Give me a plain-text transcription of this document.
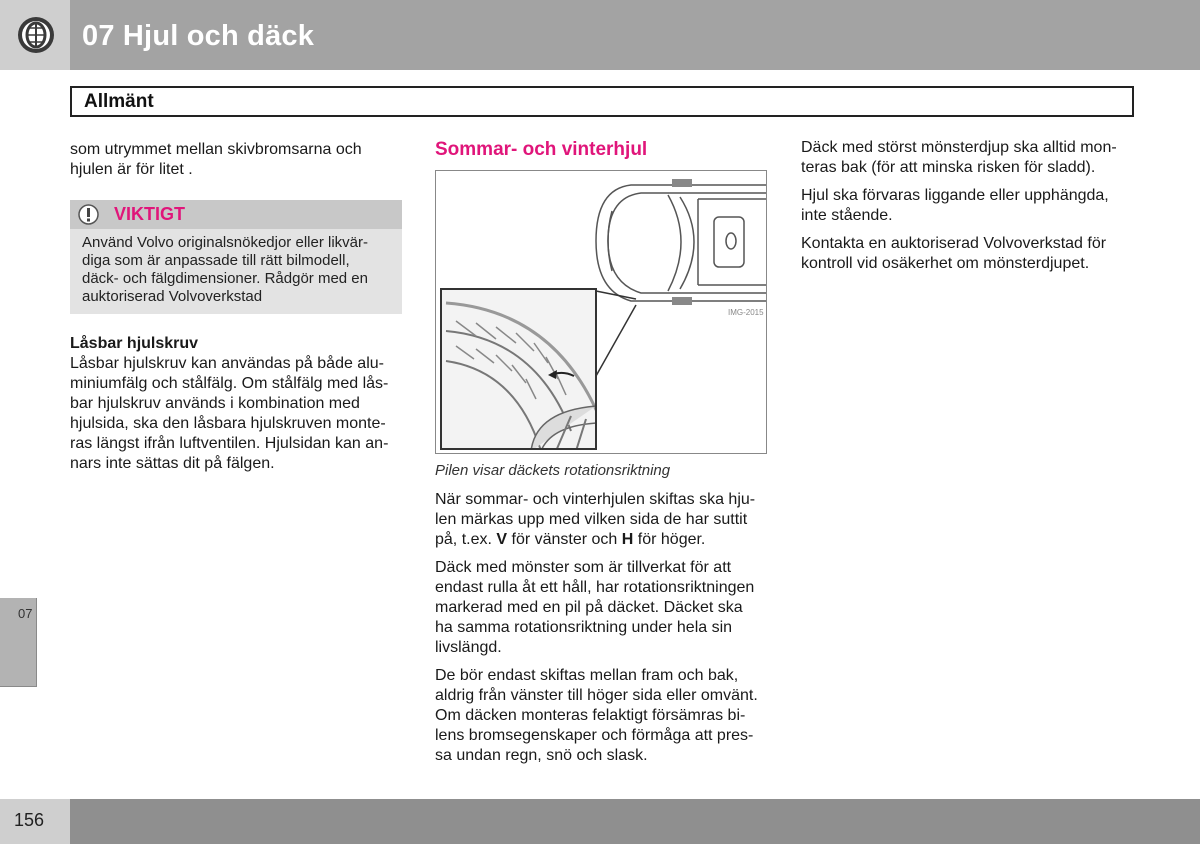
07 Hjul och däck
Allmänt

som utrymmet mellan skivbromsarna och
hjulen är för litet .

VIKTIGT
Använd Volvo originalsnökedjor eller likvär-
diga som är anpassade till rätt bilmodell,
däck- och fälgdimensioner. Rådgör med en
auktoriserad Volvoverkstad

Låsbar hjulskruv

Låsbar hjulskruv kan användas på både alu-
miniumfälg och stålfälg. Om stålfälg med lås-
bar hjulskruv används i kombination med
hjulsida, ska den låsbara hjulskruven monte-
ras längst ifrån luftventilen. Hjulsidan kan an-
nars inte sättas dit på fälgen.

Sommar- och vinterhjul

IMG-2015

Pilen visar däckets rotationsriktning

När sommar- och vinterhjulen skiftas ska hju-
len märkas upp med vilken sida de har suttit
på, t.ex. V för vänster och H för höger.

Däck med mönster som är tillverkat för att
endast rulla åt ett håll, har rotationsriktningen
markerad med en pil på däcket. Däcket ska
ha samma rotationsriktning under hela sin
livslängd.

De bör endast skiftas mellan fram och bak,
aldrig från vänster till höger sida eller omvänt.
Om däcken monteras felaktigt försämras bi-
lens bromsegenskaper och förmåga att pres-
sa undan regn, snö och slask.

Däck med störst mönsterdjup ska alltid mon-
teras bak (för att minska risken för sladd).

Hjul ska förvaras liggande eller upphängda,
inte stående.

Kontakta en auktoriserad Volvoverkstad för
kontroll vid osäkerhet om mönsterdjupet.

07
156
